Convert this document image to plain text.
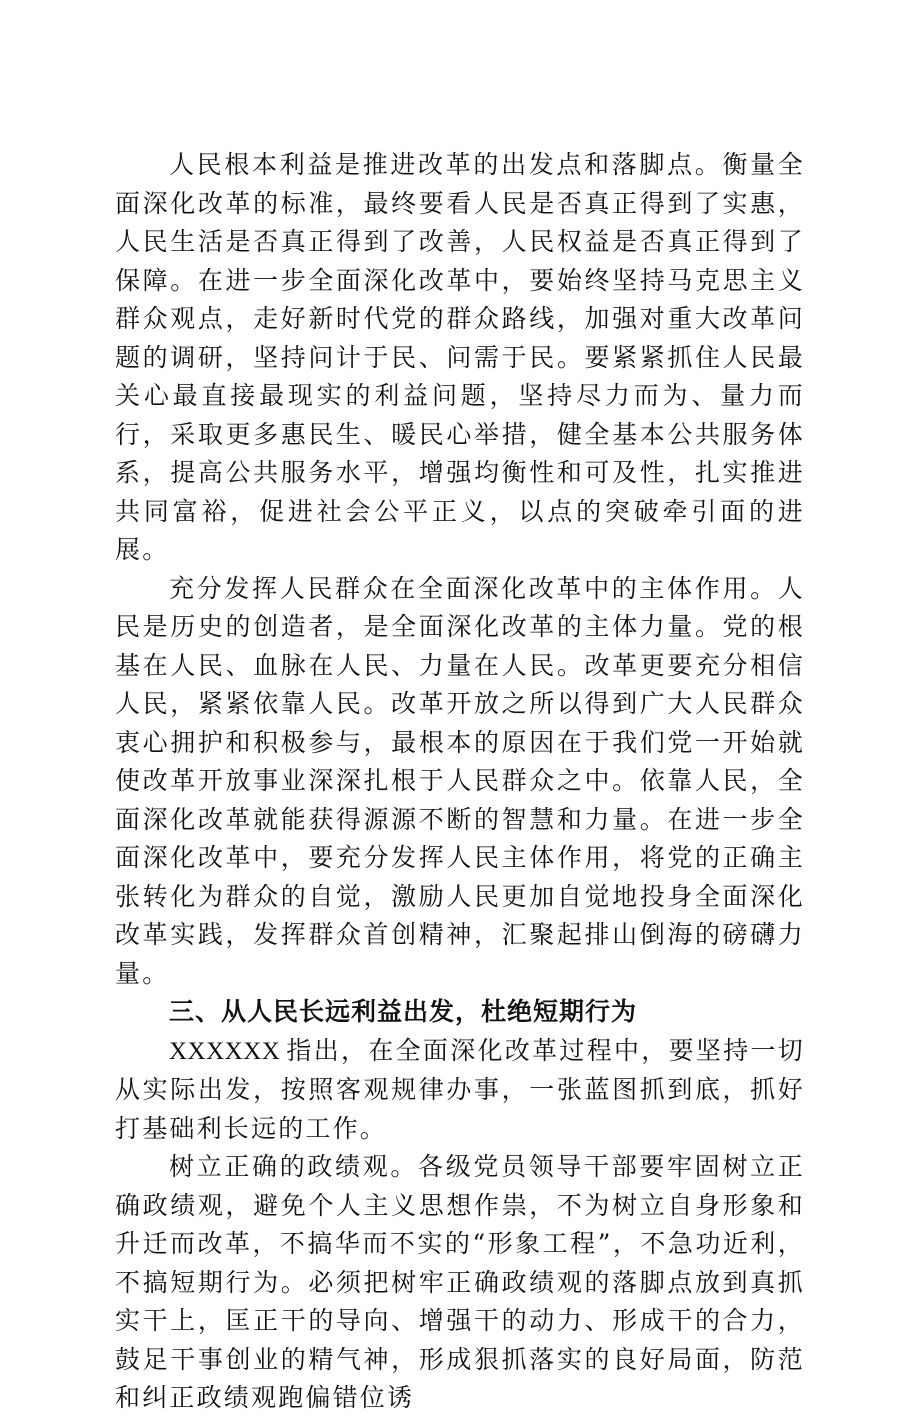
人民根本利益是推进改革的出发点和落脚点。衡量全面深化改革的标准，最终要看人民是否真正得到了实惠，人民生活是否真正得到了改善，人民权益是否真正得到了保障。在进一步全面深化改革中，要始终坚持马克思主义群众观点，走好新时代党的群众路线，加强对重大改革问题的调研，坚持问计于民、问需于民。要紧紧抓住人民最关心最直接最现实的利益问题，坚持尽力而为、量力而行，采取更多惠民生、暖民心举措，健全基本公共服务体系，提高公共服务水平，增强均衡性和可及性，扎实推进共同富裕，促进社会公平正义，以点的突破牵引面的进展。

充分发挥人民群众在全面深化改革中的主体作用。人民是历史的创造者，是全面深化改革的主体力量。党的根基在人民、血脉在人民、力量在人民。改革更要充分相信人民，紧紧依靠人民。改革开放之所以得到广大人民群众衷心拥护和积极参与，最根本的原因在于我们党一开始就使改革开放事业深深扎根于人民群众之中。依靠人民，全面深化改革就能获得源源不断的智慧和力量。在进一步全面深化改革中，要充分发挥人民主体作用，将党的正确主张转化为群众的自觉，激励人民更加自觉地投身全面深化改革实践，发挥群众首创精神，汇聚起排山倒海的磅礴力量。

三、从人民长远利益出发，杜绝短期行为

XXXXXX 指出，在全面深化改革过程中，要坚持一切从实际出发，按照客观规律办事，一张蓝图抓到底，抓好打基础利长远的工作。

树立正确的政绩观。各级党员领导干部要牢固树立正确政绩观，避免个人主义思想作祟，不为树立自身形象和升迁而改革，不搞华而不实的“形象工程”，不急功近利，不搞短期行为。必须把树牢正确政绩观的落脚点放到真抓实干上，匡正干的导向、增强干的动力、形成干的合力，鼓足干事创业的精气神，形成狠抓落实的良好局面，防范和纠正政绩观跑偏错位诱
